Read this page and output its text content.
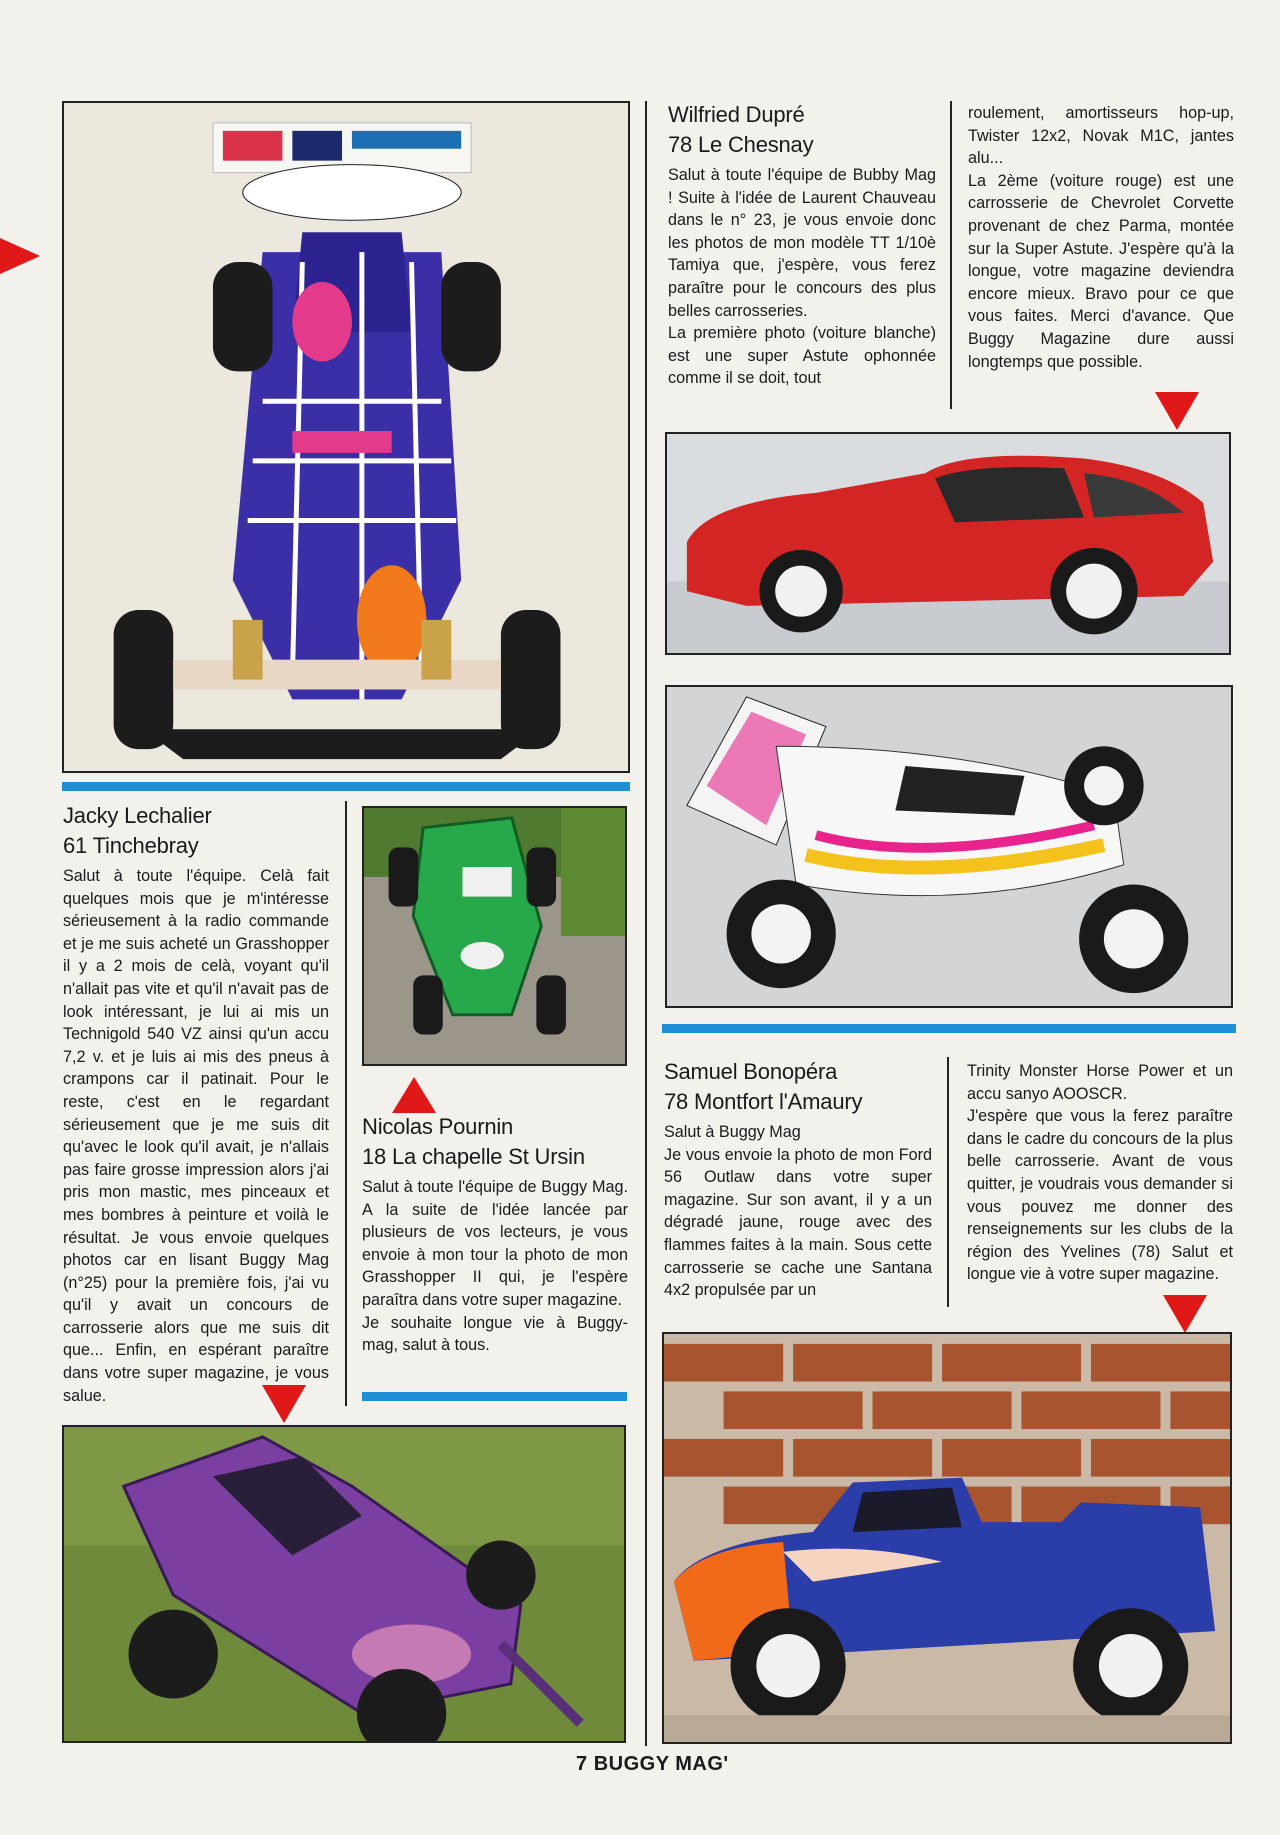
Wilfried Dupré
78 Le Chesnay

Salut à toute l'équipe de Bubby Mag ! Suite à l'idée de Laurent Chauveau dans le n° 23, je vous envoie donc les photos de mon modèle TT 1/10è Tamiya que, j'espère, vous ferez paraître pour le concours des plus belles carrosseries.

La première photo (voiture blanche) est une super Astute ophonnée comme il se doit, tout

roulement, amortisseurs hop-up, Twister 12x2, Novak M1C, jantes alu...

La 2ème (voiture rouge) est une carrosserie de Chevrolet Corvette provenant de chez Parma, montée sur la Super Astute. J'espère qu'à la longue, votre magazine deviendra encore mieux. Bravo pour ce que vous faites. Merci d'avance. Que Buggy Magazine dure aussi longtemps que possible.

Jacky Lechalier
61 Tinchebray

Salut à toute l'équipe. Celà fait quelques mois que je m'intéresse sérieusement à la radio commande et je me suis acheté un Grasshopper il y a 2 mois de celà, voyant qu'il n'allait pas vite et qu'il n'avait pas de look intéressant, je lui ai mis un Technigold 540 VZ ainsi qu'un accu 7,2 v. et je luis ai mis des pneus à crampons car il patinait. Pour le reste, c'est en le regardant sérieusement que je me suis dit qu'avec le look qu'il avait, je n'allais pas faire grosse impression alors j'ai pris mon mastic, mes pinceaux et mes bombres à peinture et voilà le résultat. Je vous envoie quelques photos car en lisant Buggy Mag (n°25) pour la première fois, j'ai vu qu'il y avait un concours de carrosserie alors que me suis dit que... Enfin, en espérant paraître dans votre super magazine, je vous salue.

Nicolas Pournin
18 La chapelle St Ursin

Salut à toute l'équipe de Buggy Mag. A la suite de l'idée lancée par plusieurs de vos lecteurs, je vous envoie à mon tour la photo de mon Grasshopper II qui, je l'espère paraîtra dans votre super magazine.

Je souhaite longue vie à Buggy-mag, salut à tous.

Samuel Bonopéra
78 Montfort l'Amaury

Salut à Buggy Mag

Je vous envoie la photo de mon Ford 56 Outlaw dans votre super magazine. Sur son avant, il y a un dégradé jaune, rouge avec des flammes faites à la main. Sous cette carrosserie se cache une Santana 4x2 propulsée par un

Trinity Monster Horse Power et un accu sanyo AOOSCR.

J'espère que vous la ferez paraître dans le cadre du concours de la plus belle carrosserie. Avant de vous quitter, je voudrais vous demander si vous pouvez me donner des renseignements sur les clubs de la région des Yvelines (78) Salut et longue vie à votre super magazine.

7 BUGGY MAG'
